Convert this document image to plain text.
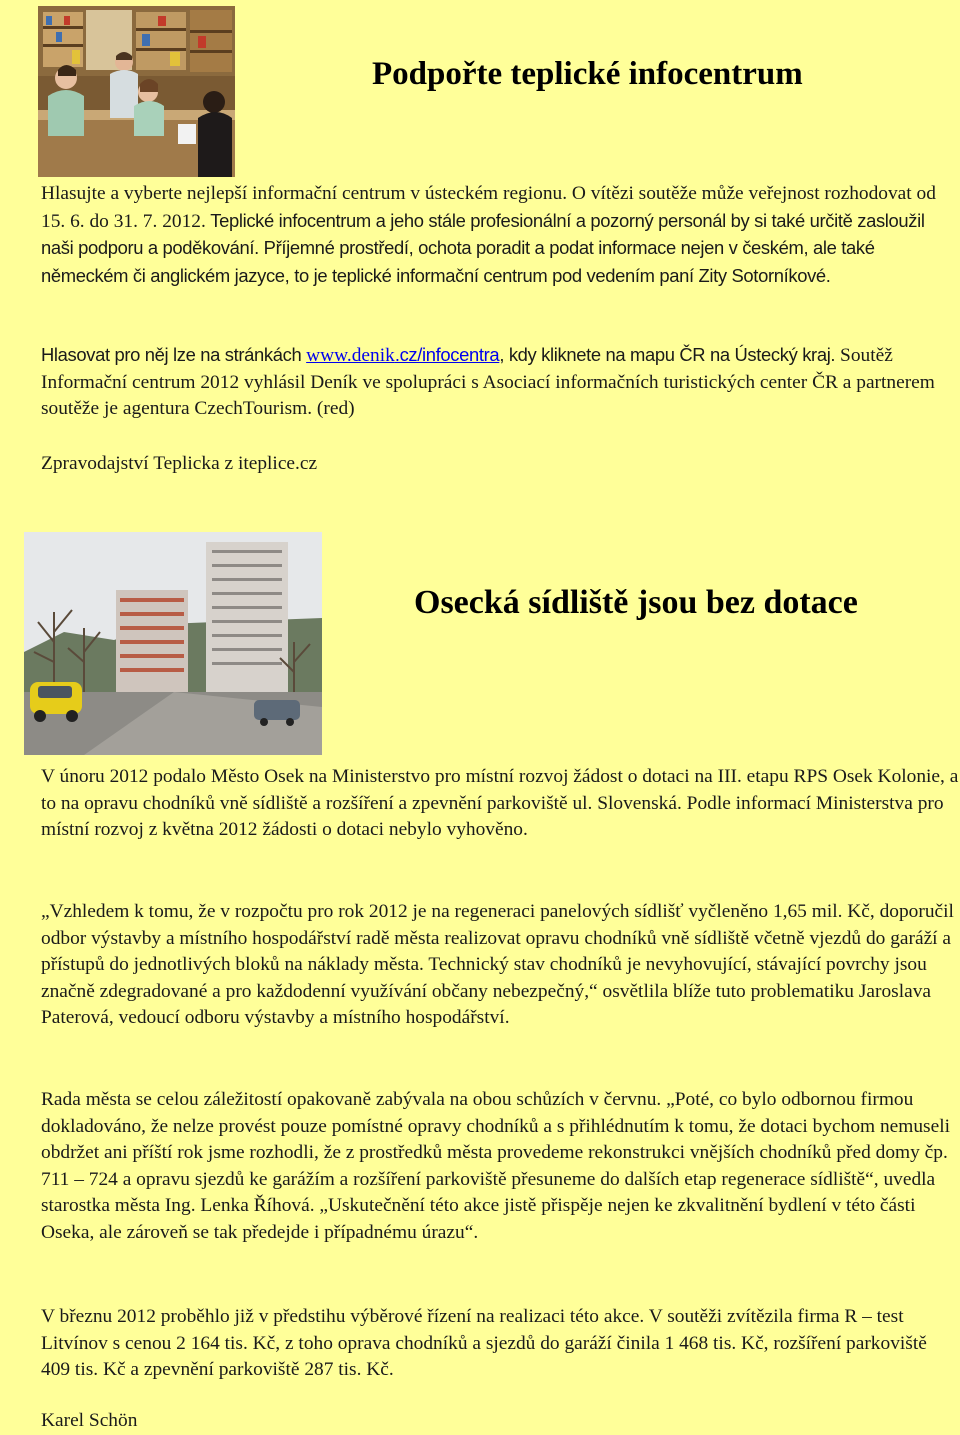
Podpořte teplické infocentrum

Hlasujte a vyberte nejlepší informační centrum v ústeckém regionu. O vítězi soutěže může veřejnost rozhodovat od 15. 6. do 31. 7. 2012. Teplické infocentrum a jeho stále profesionální a pozorný personál by si také určitě zasloužil naši podporu a poděkování. Příjemné prostředí, ochota poradit a podat informace nejen v českém, ale také německém či anglickém jazyce, to je teplické informační centrum pod vedením paní Zity Sotorníkové.

Hlasovat pro něj lze na stránkách www.denik.cz/infocentra, kdy kliknete na mapu ČR na Ústecký kraj. Soutěž Informační centrum 2012 vyhlásil Deník ve spolupráci s Asociací informačních turistických center ČR a partnerem soutěže je agentura CzechTourism. (red)

Zpravodajství Teplicka z iteplice.cz

Osecká sídliště jsou bez dotace

V únoru 2012 podalo Město Osek na Ministerstvo pro místní rozvoj žádost o dotaci na III. etapu RPS Osek Kolonie, a to na opravu chodníků vně sídliště a rozšíření a zpevnění parkoviště ul. Slovenská. Podle informací Ministerstva pro místní rozvoj z května 2012 žádosti o dotaci nebylo vyhověno.

„Vzhledem k tomu, že v rozpočtu pro rok 2012 je na regeneraci panelových sídlišť vyčleněno 1,65 mil. Kč, doporučil odbor výstavby a místního hospodářství radě města realizovat opravu chodníků vně sídliště včetně vjezdů do garáží a přístupů do jednotlivých bloků na náklady města. Technický stav chodníků je nevyhovující, stávající povrchy jsou značně zdegradované a pro každodenní využívání občany nebezpečný,“ osvětlila blíže tuto problematiku Jaroslava Paterová, vedoucí odboru výstavby a místního hospodářství.

Rada města se celou záležitostí opakovaně zabývala na obou schůzích v červnu. „Poté, co bylo odbornou firmou dokladováno, že nelze provést pouze pomístné opravy chodníků a s přihlédnutím k tomu, že dotaci bychom nemuseli obdržet ani příští rok jsme rozhodli, že z prostředků města provedeme rekonstrukci vnějších chodníků před domy čp. 711 – 724 a opravu sjezdů ke garážím a rozšíření parkoviště přesuneme do dalších etap regenerace sídliště“, uvedla starostka města Ing. Lenka Říhová. „Uskutečnění této akce jistě přispěje nejen ke zkvalitnění bydlení v této části Oseka, ale zároveň se tak předejde i případnému úrazu“.

V březnu 2012 proběhlo již v předstihu výběrové řízení na realizaci této akce. V soutěži zvítězila firma R – test Litvínov s cenou 2 164 tis. Kč, z toho oprava chodníků a sjezdů do garáží činila 1 468 tis. Kč, rozšíření parkoviště 409 tis. Kč a zpevnění parkoviště 287 tis. Kč.

Karel Schön
